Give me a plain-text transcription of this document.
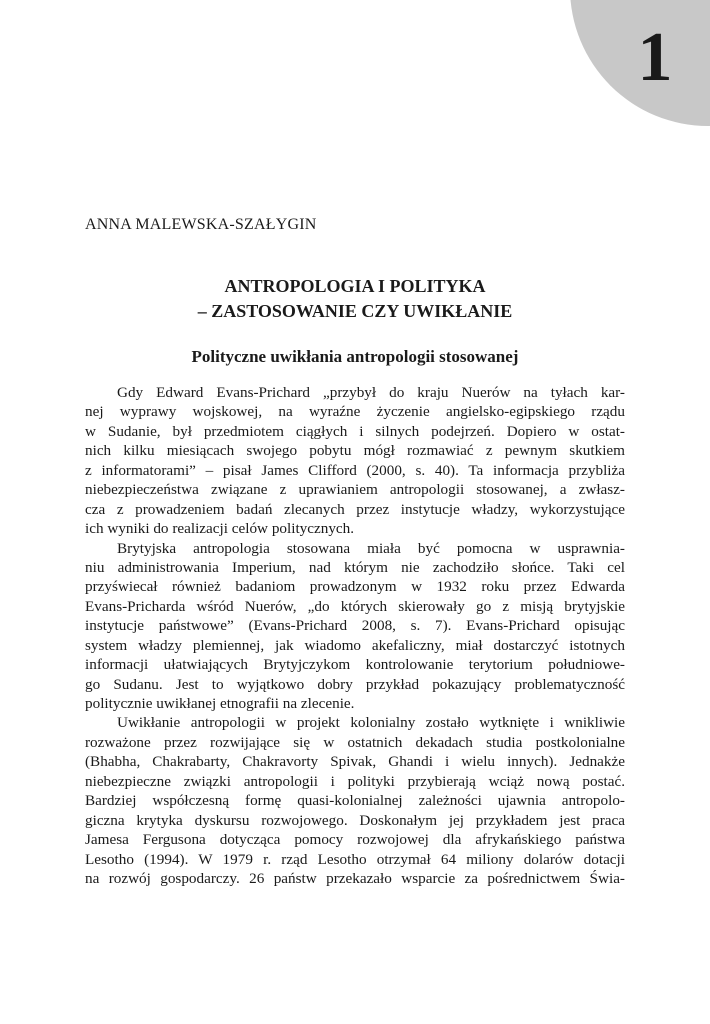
1
ANNA MALEWSKA-SZAŁYGIN
ANTROPOLOGIA I POLITYKA
– ZASTOSOWANIE CZY UWIKŁANIE
Polityczne uwikłania antropologii stosowanej
Gdy Edward Evans-Prichard „przybył do kraju Nuerów na tyłach kar-
nej wyprawy wojskowej, na wyraźne życzenie angielsko-egipskiego rządu
w Sudanie, był przedmiotem ciągłych i silnych podejrzeń. Dopiero w ostat-
nich kilku miesiącach swojego pobytu mógł rozmawiać z pewnym skutkiem
z informatorami” – pisał James Clifford (2000, s. 40). Ta informacja przybliża
niebezpieczeństwa związane z uprawianiem antropologii stosowanej, a zwłasz-
cza z prowadzeniem badań zlecanych przez instytucje władzy, wykorzystujące
ich wyniki do realizacji celów politycznych.
Brytyjska antropologia stosowana miała być pomocna w usprawnia-
niu administrowania Imperium, nad którym nie zachodziło słońce. Taki cel
przyświecał również badaniom prowadzonym w 1932 roku przez Edwarda
Evans-Pricharda wśród Nuerów, „do których skierowały go z misją brytyjskie
instytucje państwowe” (Evans-Prichard 2008, s. 7). Evans-Prichard opisując
system władzy plemiennej, jak wiadomo akefaliczny, miał dostarczyć istotnych
informacji ułatwiających Brytyjczykom kontrolowanie terytorium południowe-
go Sudanu. Jest to wyjątkowo dobry przykład pokazujący problematyczność
politycznie uwikłanej etnografii na zlecenie.
Uwikłanie antropologii w projekt kolonialny zostało wytknięte i wnikliwie
rozważone przez rozwijające się w ostatnich dekadach studia postkolonialne
(Bhabha, Chakrabarty, Chakravorty Spivak, Ghandi i wielu innych). Jednakże
niebezpieczne związki antropologii i polityki przybierają wciąż nową postać.
Bardziej współczesną formę quasi-kolonialnej zależności ujawnia antropolo-
giczna krytyka dyskursu rozwojowego. Doskonałym jej przykładem jest praca
Jamesa Fergusona dotycząca pomocy rozwojowej dla afrykańskiego państwa
Lesotho (1994). W 1979 r. rząd Lesotho otrzymał 64 miliony dolarów dotacji
na rozwój gospodarczy. 26 państw przekazało wsparcie za pośrednictwem Świa-
